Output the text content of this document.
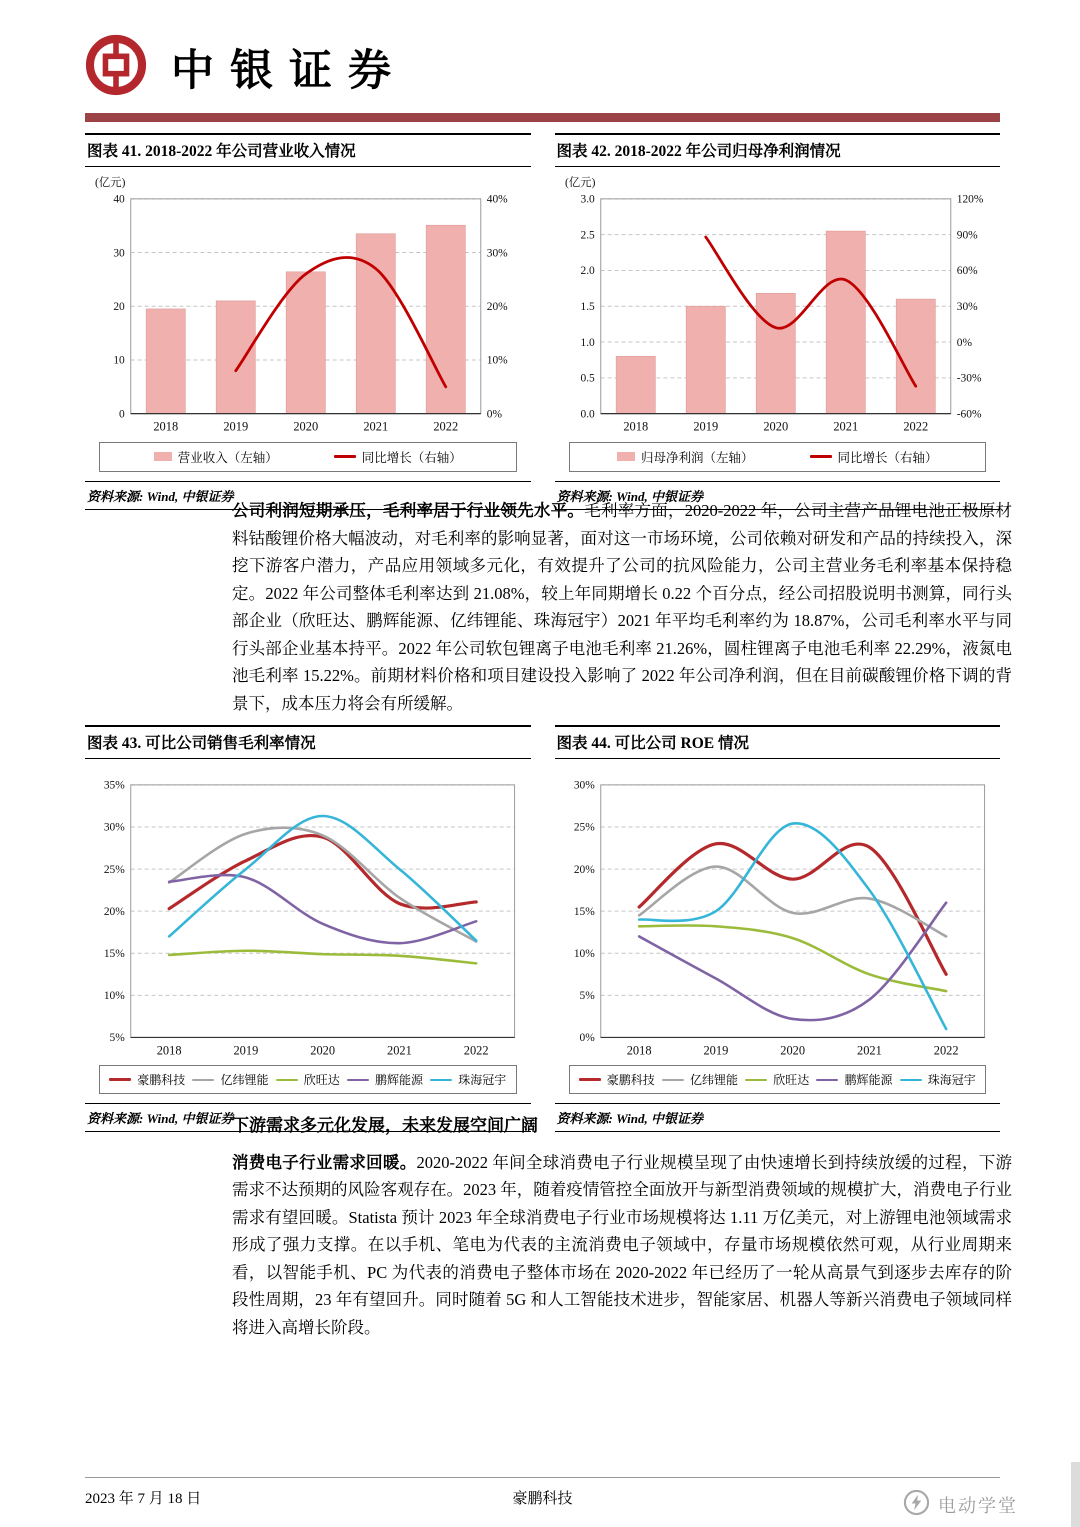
中银证券
图表 41. 2018-2022 年公司营业收入情况
0
10
20
30
40
0%
10%
20%
30%
40%
2018	2019	2020	2021	2022
(亿元)
营业收入（左轴）	同比增长（右轴）
资料来源: Wind, 中银证券
图表 42. 2018-2022 年公司归母净利润情况
0.0
0.5
1.0
1.5
2.0
2.5
3.0
-60%
-30%
0%
30%
60%
90%
120%
2018	2019	2020	2021	2022
(亿元)
归母净利润（左轴）	同比增长（右轴）
资料来源: Wind, 中银证券
公司利润短期承压，毛利率居于行业领先水平。毛利率方面，2020-2022 年，公司主营产品锂电池正极原材料钴酸锂价格大幅波动，对毛利率的影响显著，面对这一市场环境，公司依赖对研发和产品的持续投入，深挖下游客户潜力，产品应用领域多元化，有效提升了公司的抗风险能力，公司主营业务毛利率基本保持稳定。2022 年公司整体毛利率达到 21.08%，较上年同期增长 0.22 个百分点，经公司招股说明书测算，同行头部企业（欣旺达、鹏辉能源、亿纬锂能、珠海冠宇）2021 年平均毛利率约为 18.87%，公司毛利率水平与同行头部企业基本持平。2022 年公司软包锂离子电池毛利率 21.26%，圆柱锂离子电池毛利率 22.29%，液氮电池毛利率 15.22%。前期材料价格和项目建设投入影响了 2022 年公司净利润，但在目前碳酸锂价格下调的背景下，成本压力将会有所缓解。
图表 43. 可比公司销售毛利率情况
5%
10%
15%
20%
25%
30%
35%
2018	2019	2020	2021	2022
豪鹏科技	亿纬锂能	欣旺达	鹏辉能源	珠海冠宇
资料来源: Wind, 中银证券
图表 44. 可比公司 ROE 情况
0%
5%
10%
15%
20%
25%
30%
2018	2019	2020	2021	2022
豪鹏科技	亿纬锂能	欣旺达	鹏辉能源	珠海冠宇
资料来源: Wind, 中银证券
下游需求多元化发展，未来发展空间广阔

消费电子行业需求回暖。2020-2022 年间全球消费电子行业规模呈现了由快速增长到持续放缓的过程，下游需求不达预期的风险客观存在。2023 年，随着疫情管控全面放开与新型消费领域的规模扩大，消费电子行业需求有望回暖。Statista 预计 2023 年全球消费电子行业市场规模将达 1.11 万亿美元，对上游锂电池领域需求形成了强力支撑。在以手机、笔电为代表的主流消费电子领域中，存量市场规模依然可观，从行业周期来看，以智能手机、PC 为代表的消费电子整体市场在 2020-2022 年已经历了一轮从高景气到逐步去库存的阶段性周期，23 年有望回升。同时随着 5G 和人工智能技术进步，智能家居、机器人等新兴消费电子领域同样将进入高增长阶段。

2023 年 7 月 18 日	豪鹏科技	电动学堂
